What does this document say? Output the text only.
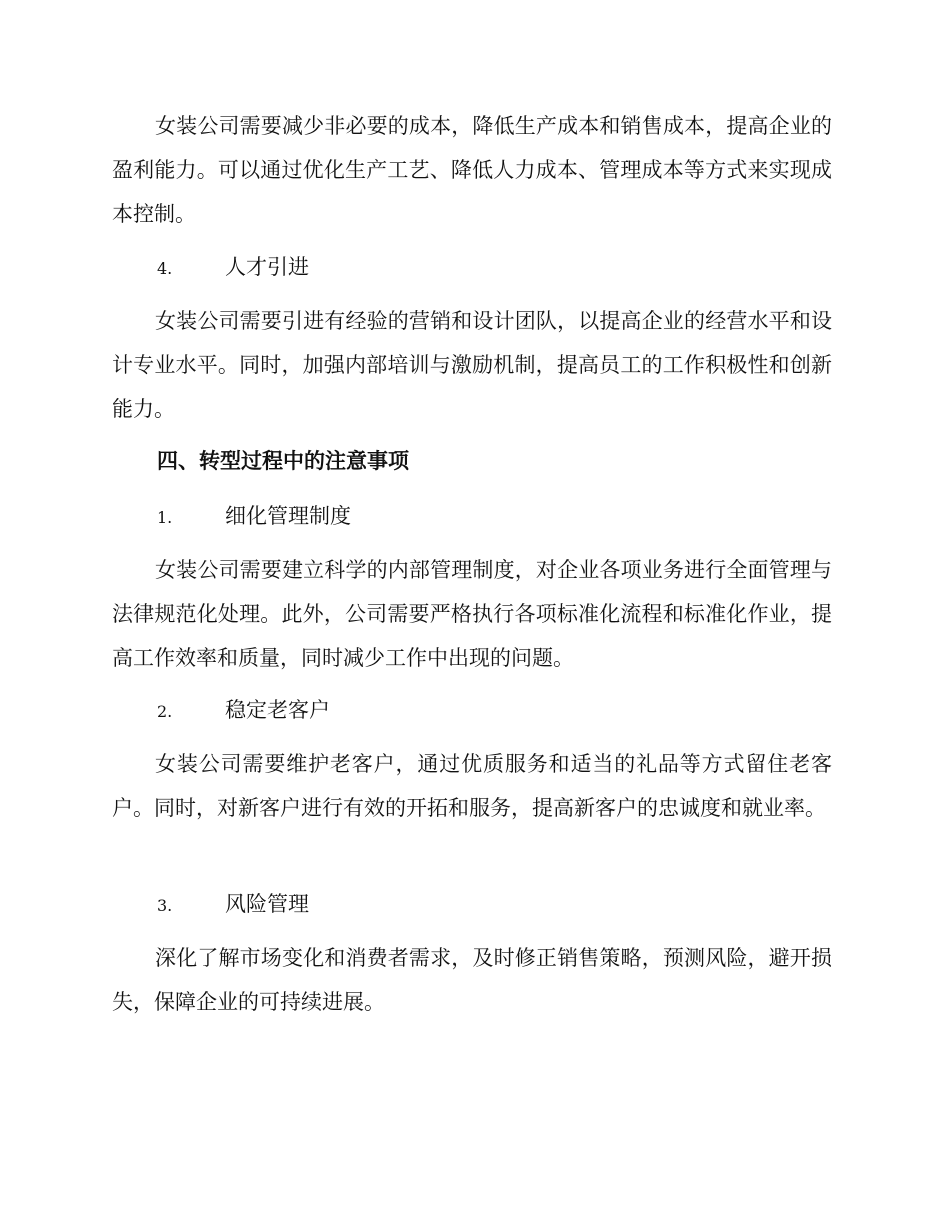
女装公司需要减少非必要的成本，降低生产成本和销售成本，提高企业的盈利能力。可以通过优化生产工艺、降低人力成本、管理成本等方式来实现成本控制。

4.	人才引进

女装公司需要引进有经验的营销和设计团队，以提高企业的经营水平和设计专业水平。同时，加强内部培训与激励机制，提高员工的工作积极性和创新能力。

四、转型过程中的注意事项

1.	细化管理制度

女装公司需要建立科学的内部管理制度，对企业各项业务进行全面管理与法律规范化处理。此外，公司需要严格执行各项标准化流程和标准化作业，提高工作效率和质量，同时减少工作中出现的问题。

2.	稳定老客户

女装公司需要维护老客户，通过优质服务和适当的礼品等方式留住老客户。同时，对新客户进行有效的开拓和服务，提高新客户的忠诚度和就业率。

3.	风险管理

深化了解市场变化和消费者需求，及时修正销售策略，预测风险，避开损失，保障企业的可持续进展。
